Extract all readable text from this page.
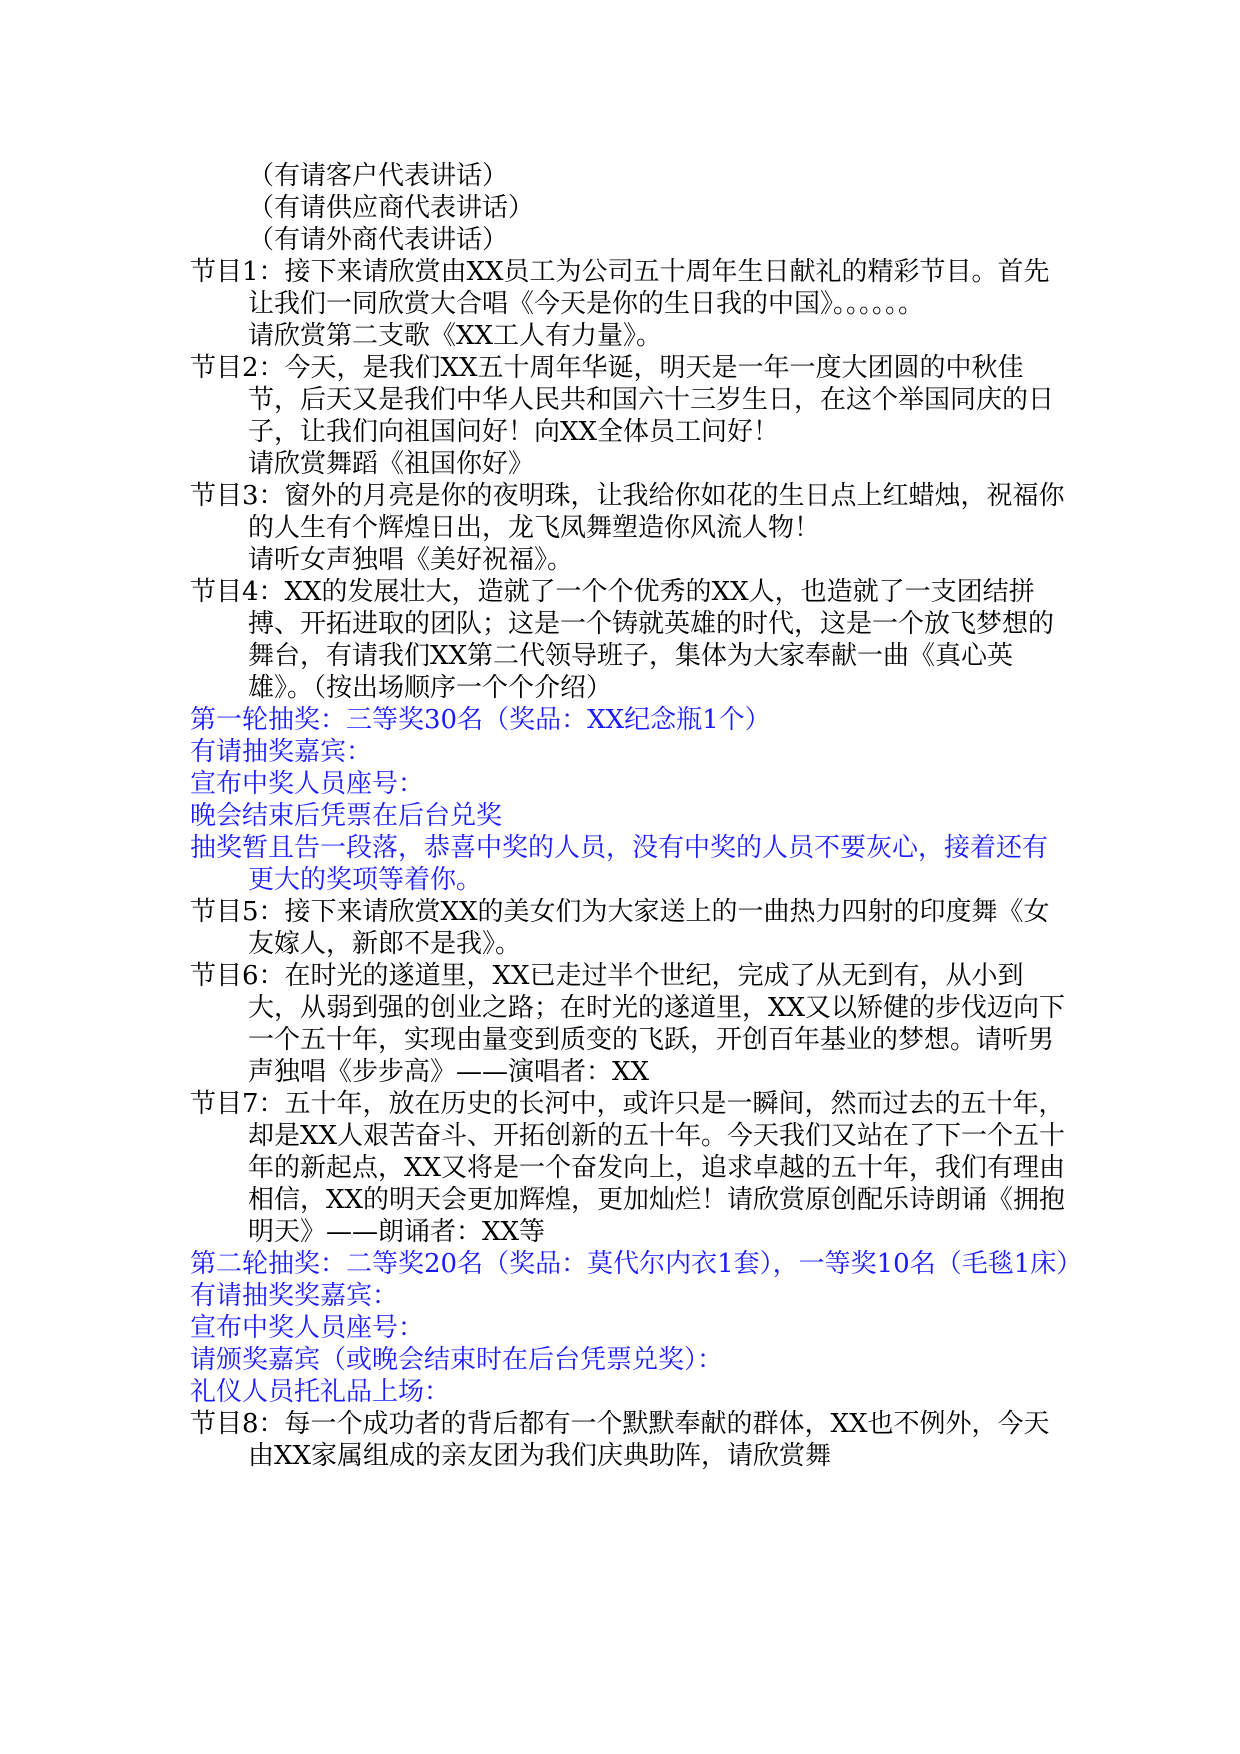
（有请客户代表讲话）

（有请供应商代表讲话）

（有请外商代表讲话）

节目1：接下来请欣赏由XX员工为公司五十周年生日献礼的精彩节目。首先让我们一同欣赏大合唱《今天是你的生日我的中国》。。。。。。

请欣赏第二支歌《XX工人有力量》。

节目2：今天，是我们XX五十周年华诞，明天是一年一度大团圆的中秋佳节，后天又是我们中华人民共和国六十三岁生日，在这个举国同庆的日子，让我们向祖国问好！向XX全体员工问好！

请欣赏舞蹈《祖国你好》

节目3：窗外的月亮是你的夜明珠，让我给你如花的生日点上红蜡烛，祝福你的人生有个辉煌日出，龙飞凤舞塑造你风流人物！

请听女声独唱《美好祝福》。

节目4：XX的发展壮大，造就了一个个优秀的XX人，也造就了一支团结拼搏、开拓进取的团队；这是一个铸就英雄的时代，这是一个放飞梦想的舞台，有请我们XX第二代领导班子，集体为大家奉献一曲《真心英雄》。（按出场顺序一个个介绍）

第一轮抽奖：三等奖30名（奖品：XX纪念瓶1个）

有请抽奖嘉宾：

宣布中奖人员座号：

晚会结束后凭票在后台兑奖

抽奖暂且告一段落，恭喜中奖的人员，没有中奖的人员不要灰心，接着还有更大的奖项等着你。

节目5：接下来请欣赏XX的美女们为大家送上的一曲热力四射的印度舞《女友嫁人，新郎不是我》。

节目6：在时光的遂道里，XX已走过半个世纪，完成了从无到有，从小到大，从弱到强的创业之路；在时光的遂道里，XX又以矫健的步伐迈向下一个五十年，实现由量变到质变的飞跃，开创百年基业的梦想。请听男声独唱《步步高》——演唱者：XX

节目7：五十年，放在历史的长河中，或许只是一瞬间，然而过去的五十年，却是XX人艰苦奋斗、开拓创新的五十年。今天我们又站在了下一个五十年的新起点，XX又将是一个奋发向上，追求卓越的五十年，我们有理由相信，XX的明天会更加辉煌，更加灿烂！请欣赏原创配乐诗朗诵《拥抱明天》——朗诵者：XX等

第二轮抽奖：二等奖20名（奖品：莫代尔内衣1套），一等奖10名（毛毯1床）

有请抽奖奖嘉宾：

宣布中奖人员座号：

请颁奖嘉宾（或晚会结束时在后台凭票兑奖）：

礼仪人员托礼品上场：

节目8：每一个成功者的背后都有一个默默奉献的群体，XX也不例外，今天由XX家属组成的亲友团为我们庆典助阵，请欣赏舞
